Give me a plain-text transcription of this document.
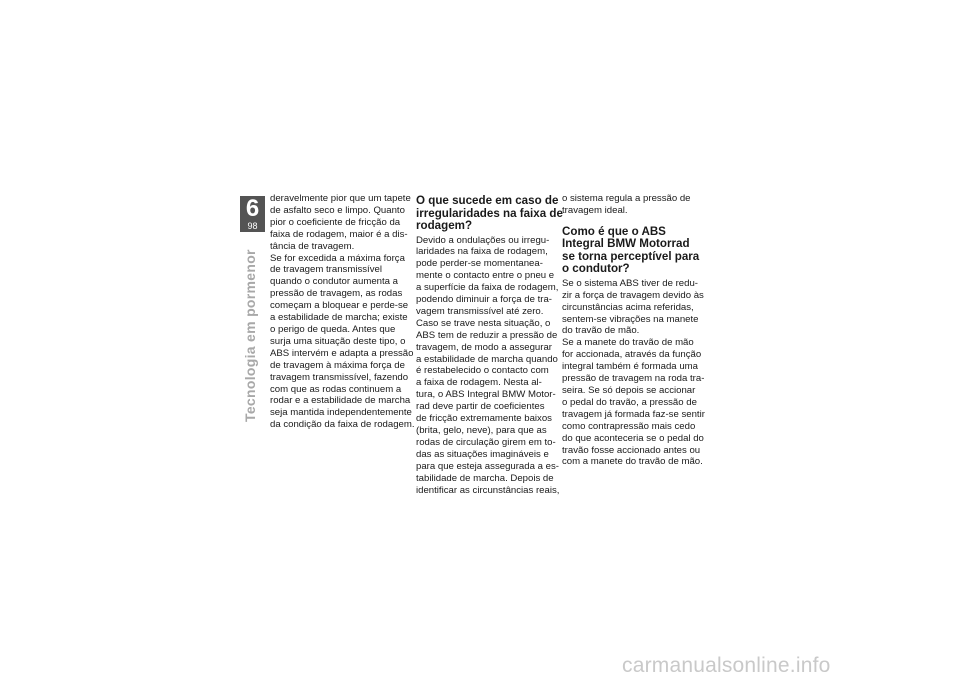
6
98
Tecnologia em pormenor
deravelmente pior que um tapete
de asfalto seco e limpo. Quanto
pior o coeficiente de fricção da
faixa de rodagem, maior é a dis-
tância de travagem.
Se for excedida a máxima força
de travagem transmissível
quando o condutor aumenta a
pressão de travagem, as rodas
começam a bloquear e perde-se
a estabilidade de marcha; existe
o perigo de queda. Antes que
surja uma situação deste tipo, o
ABS intervém e adapta a pressão
de travagem à máxima força de
travagem transmissível, fazendo
com que as rodas continuem a
rodar e a estabilidade de marcha
seja mantida independentemente
da condição da faixa de rodagem.
O que sucede em caso de
irregularidades na faixa de
rodagem?
Devido a ondulações ou irregu-
laridades na faixa de rodagem,
pode perder-se momentanea-
mente o contacto entre o pneu e
a superfície da faixa de rodagem,
podendo diminuir a força de tra-
vagem transmissível até zero.
Caso se trave nesta situação, o
ABS tem de reduzir a pressão de
travagem, de modo a assegurar
a estabilidade de marcha quando
é restabelecido o contacto com
a faixa de rodagem. Nesta al-
tura, o ABS Integral BMW Motor-
rad deve partir de coeficientes
de fricção extremamente baixos
(brita, gelo, neve), para que as
rodas de circulação girem em to-
das as situações imagináveis e
para que esteja assegurada a es-
tabilidade de marcha. Depois de
identificar as circunstâncias reais,
o sistema regula a pressão de
travagem ideal.
Como é que o ABS
Integral BMW Motorrad
se torna perceptível para
o condutor?
Se o sistema ABS tiver de redu-
zir a força de travagem devido às
circunstâncias acima referidas,
sentem-se vibrações na manete
do travão de mão.
Se a manete do travão de mão
for accionada, através da função
integral também é formada uma
pressão de travagem na roda tra-
seira. Se só depois se accionar
o pedal do travão, a pressão de
travagem já formada faz-se sentir
como contrapressão mais cedo
do que aconteceria se o pedal do
travão fosse accionado antes ou
com a manete do travão de mão.
carmanualsonline.info
